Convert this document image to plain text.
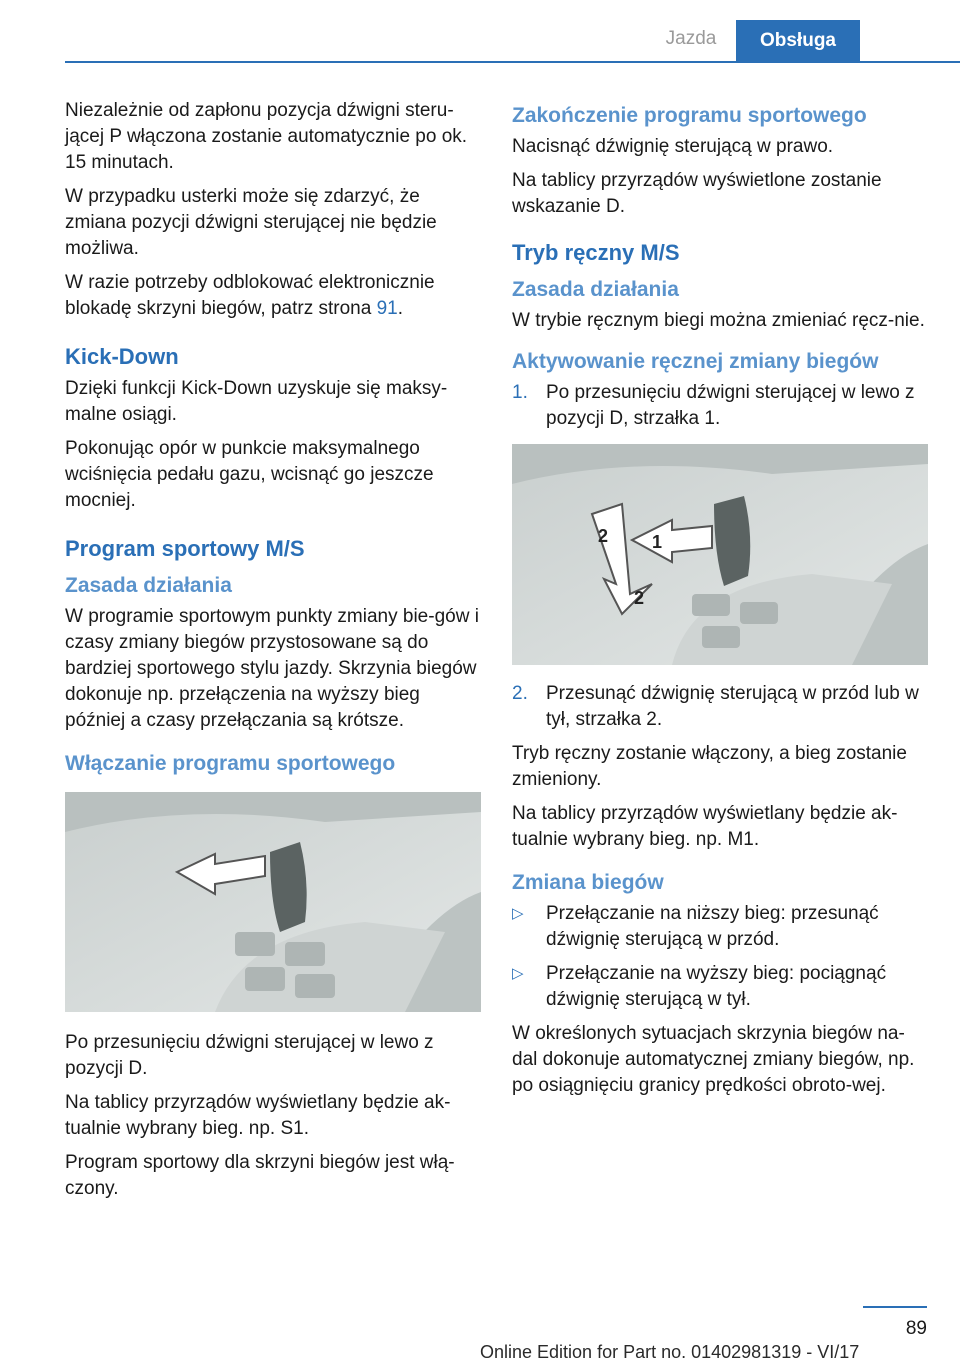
Jazda	Obsługa

Niezależnie od zapłonu pozycja dźwigni steru‐jącej P włączona zostanie automatycznie po ok. 15 minutach.

W przypadku usterki może się zdarzyć, że zmiana pozycji dźwigni sterującej nie będzie możliwa.

W razie potrzeby odblokować elektronicznie blokadę skrzyni biegów, patrz strona 91.

Kick-Down

Dzięki funkcji Kick-Down uzyskuje się maksy‐malne osiągi.

Pokonując opór w punkcie maksymalnego wciśnięcia pedału gazu, wcisnąć go jeszcze mocniej.

Program sportowy M/S
Zasada działania

W programie sportowym punkty zmiany bie‐gów i czasy zmiany biegów przystosowane są do bardziej sportowego stylu jazdy. Skrzynia biegów dokonuje np. przełączenia na wyższy bieg później a czasy przełączania są krótsze.

Włączanie programu sportowego

Po przesunięciu dźwigni sterującej w lewo z pozycji D.

Na tablicy przyrządów wyświetlany będzie ak‐tualnie wybrany bieg. np. S1.

Program sportowy dla skrzyni biegów jest włą‐czony.

Zakończenie programu sportowego

Nacisnąć dźwignię sterującą w prawo.

Na tablicy przyrządów wyświetlone zostanie wskazanie D.

Tryb ręczny M/S
Zasada działania

W trybie ręcznym biegi można zmieniać ręcz‐nie.

Aktywowanie ręcznej zmiany biegów
1. Po przesunięciu dźwigni sterującej w lewo z pozycji D, strzałka 1.
1
2
2
2. Przesunąć dźwignię sterującą w przód lub w tył, strzałka 2.

Tryb ręczny zostanie włączony, a bieg zostanie zmieniony.

Na tablicy przyrządów wyświetlany będzie ak‐tualnie wybrany bieg. np. M1.

Zmiana biegów
▷	Przełączanie na niższy bieg: przesunąć dźwignię sterującą w przód.
▷	Przełączanie na wyższy bieg: pociągnąć dźwignię sterującą w tył.

W określonych sytuacjach skrzynia biegów na‐dal dokonuje automatycznej zmiany biegów, np. po osiągnięciu granicy prędkości obroto‐wej.

89
Online Edition for Part no. 01402981319 - VI/17
